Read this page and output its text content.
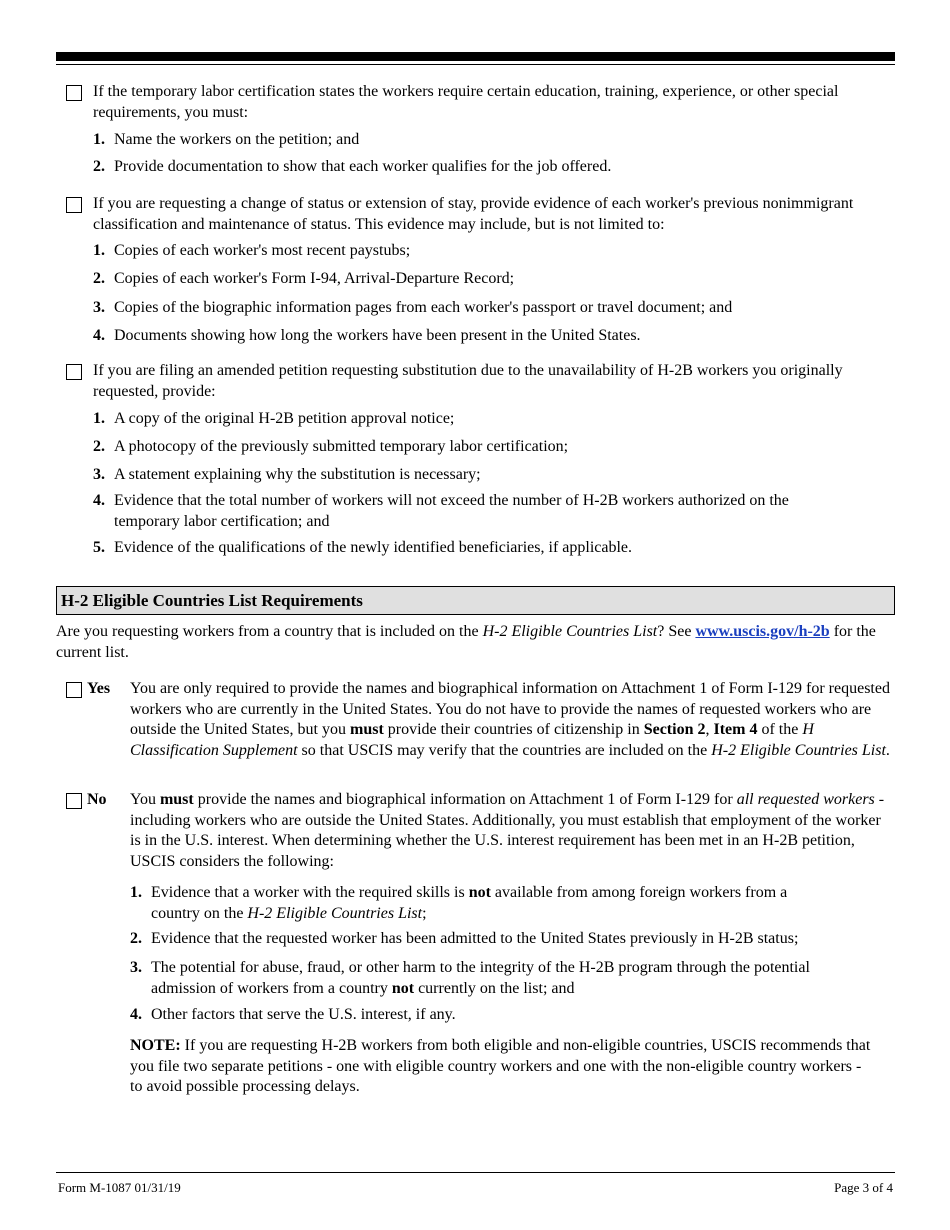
If the temporary labor certification states the workers require certain education, training, experience, or other special requirements, you must:
1. Name the workers on the petition; and
2. Provide documentation to show that each worker qualifies for the job offered.
If you are requesting a change of status or extension of stay, provide evidence of each worker's previous nonimmigrant classification and maintenance of status. This evidence may include, but is not limited to:
1. Copies of each worker's most recent paystubs;
2. Copies of each worker's Form I-94, Arrival-Departure Record;
3. Copies of the biographic information pages from each worker's passport or travel document; and
4. Documents showing how long the workers have been present in the United States.
If you are filing an amended petition requesting substitution due to the unavailability of H-2B workers you originally requested, provide:
1. A copy of the original H-2B petition approval notice;
2. A photocopy of the previously submitted temporary labor certification;
3. A statement explaining why the substitution is necessary;
4. Evidence that the total number of workers will not exceed the number of H-2B workers authorized on the temporary labor certification; and
5. Evidence of the qualifications of the newly identified beneficiaries, if applicable.
H-2 Eligible Countries List Requirements
Are you requesting workers from a country that is included on the H-2 Eligible Countries List? See www.uscis.gov/h-2b for the current list.
Yes You are only required to provide the names and biographical information on Attachment 1 of Form I-129 for requested workers who are currently in the United States. You do not have to provide the names of requested workers who are outside the United States, but you must provide their countries of citizenship in Section 2, Item 4 of the H Classification Supplement so that USCIS may verify that the countries are included on the H-2 Eligible Countries List.
No You must provide the names and biographical information on Attachment 1 of Form I-129 for all requested workers - including workers who are outside the United States. Additionally, you must establish that employment of the worker is in the U.S. interest. When determining whether the U.S. interest requirement has been met in an H-2B petition, USCIS considers the following:
1. Evidence that a worker with the required skills is not available from among foreign workers from a country on the H-2 Eligible Countries List;
2. Evidence that the requested worker has been admitted to the United States previously in H-2B status;
3. The potential for abuse, fraud, or other harm to the integrity of the H-2B program through the potential admission of workers from a country not currently on the list; and
4. Other factors that serve the U.S. interest, if any.
NOTE: If you are requesting H-2B workers from both eligible and non-eligible countries, USCIS recommends that you file two separate petitions - one with eligible country workers and one with the non-eligible country workers - to avoid possible processing delays.
Form M-1087 01/31/19	Page 3 of 4
